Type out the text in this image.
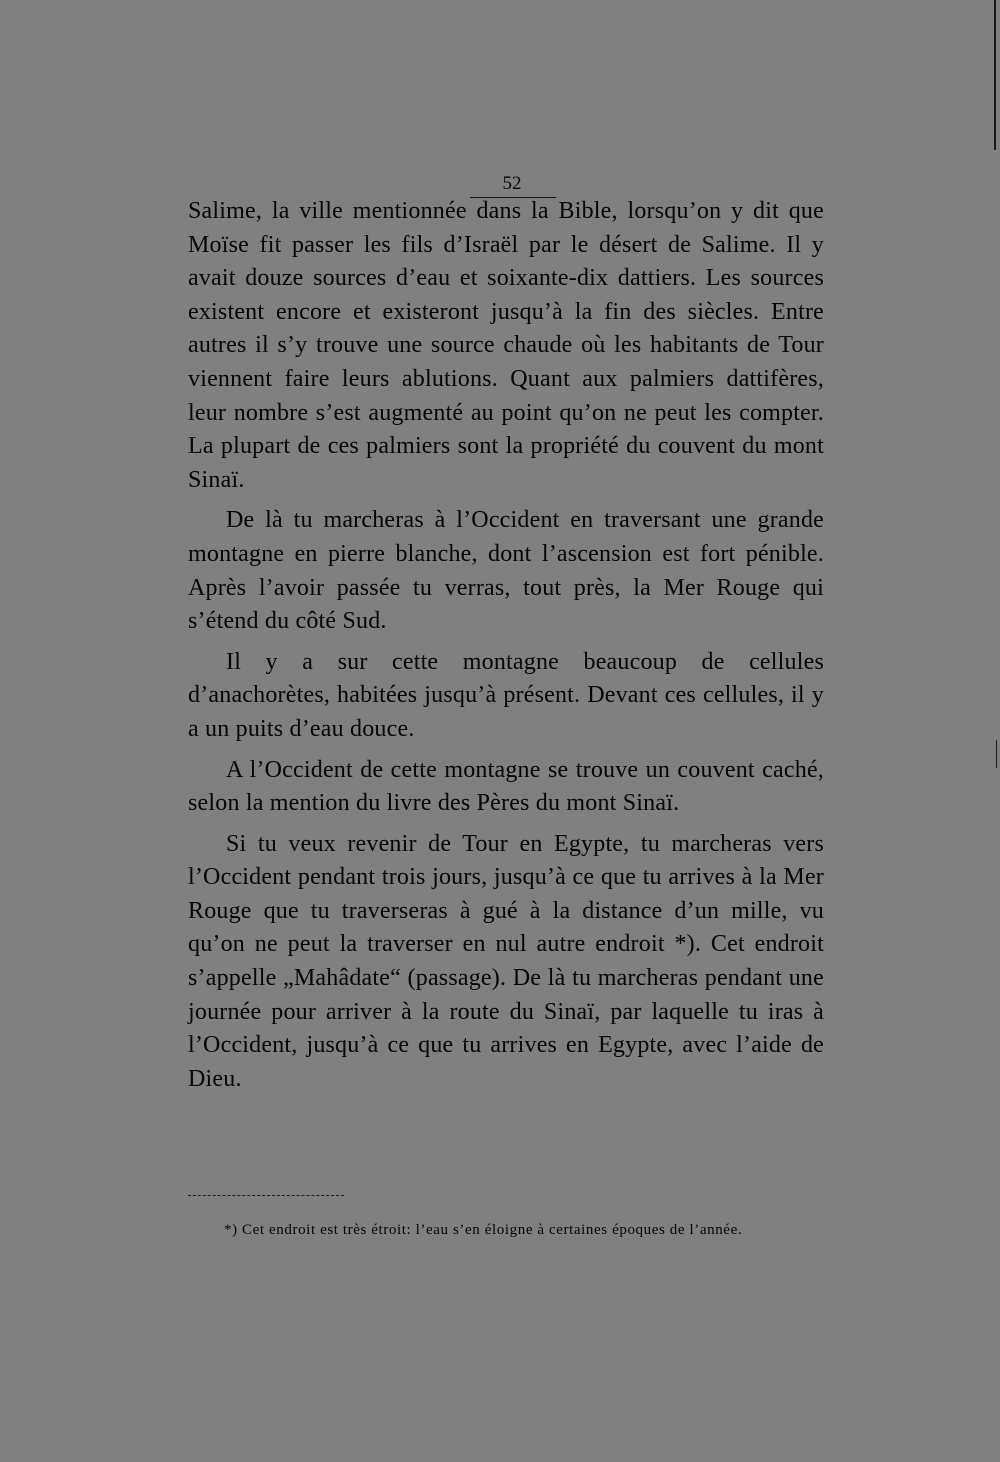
52

Salime, la ville mentionnée dans la Bible, lorsqu’on y dit que Moïse fit passer les fils d’Israël par le désert de Salime. Il y avait douze sources d’eau et soixante-dix dattiers. Les sources existent encore et existeront jusqu’à la fin des siècles. Entre autres il s’y trouve une source chaude où les habitants de Tour viennent faire leurs ablutions. Quant aux palmiers dattifères, leur nombre s’est augmenté au point qu’on ne peut les compter. La plupart de ces palmiers sont la propriété du couvent du mont Sinaï.

De là tu marcheras à l’Occident en traversant une grande montagne en pierre blanche, dont l’ascension est fort pénible. Après l’avoir passée tu verras, tout près, la Mer Rouge qui s’étend du côté Sud.

Il y a sur cette montagne beaucoup de cellules d’anachorètes, habitées jusqu’à présent. Devant ces cellules, il y a un puits d’eau douce.

A l’Occident de cette montagne se trouve un couvent caché, selon la mention du livre des Pères du mont Sinaï.

Si tu veux revenir de Tour en Egypte, tu marcheras vers l’Occident pendant trois jours, jusqu’à ce que tu arrives à la Mer Rouge que tu traverseras à gué à la distance d’un mille, vu qu’on ne peut la traverser en nul autre endroit *). Cet endroit s’appelle „Mahâdate“ (passage). De là tu marcheras pendant une journée pour arriver à la route du Sinaï, par laquelle tu iras à l’Occident, jusqu’à ce que tu arrives en Egypte, avec l’aide de Dieu.

*) Cet endroit est très étroit: l’eau s’en éloigne à certaines époques de l’année.
